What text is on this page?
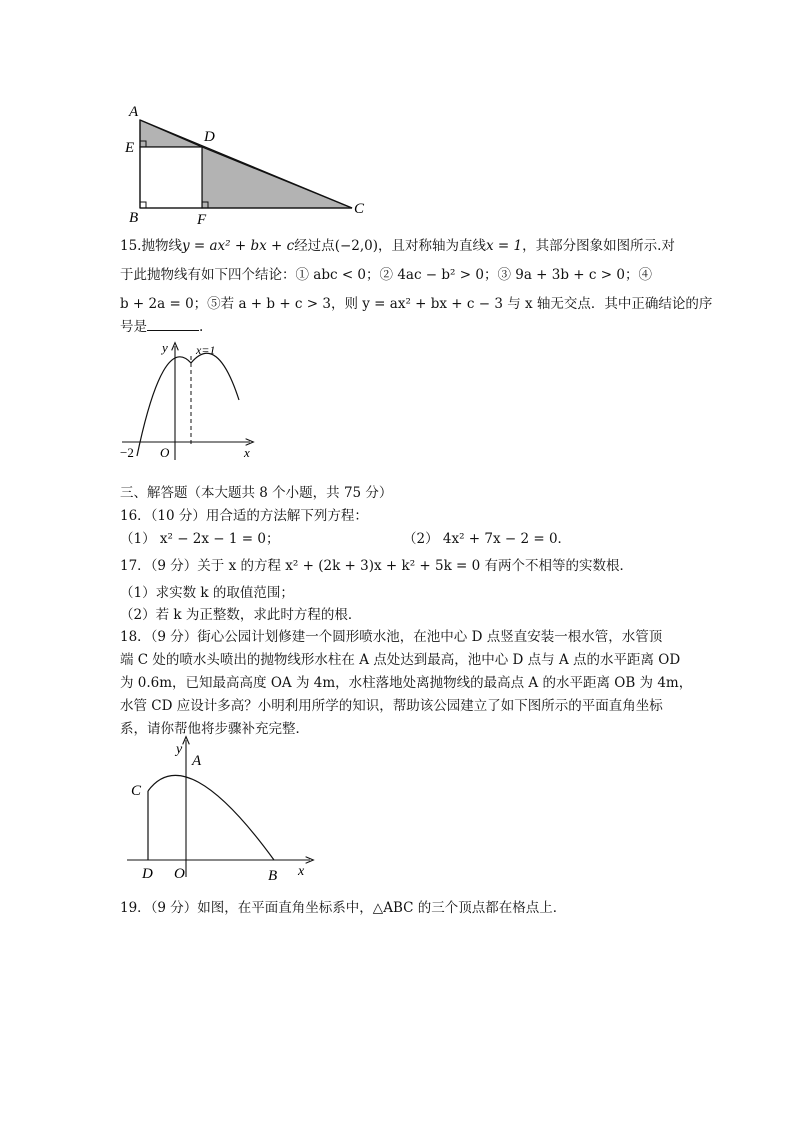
A
E
D
B	F
C
15.抛物线y = ax² + bx + c经过点(−2,0)，且对称轴为直线x = 1，其部分图象如图所示.对
于此抛物线有如下四个结论：① abc < 0；② 4ac − b² > 0；③ 9a + 3b + c > 0；④
b + 2a = 0；⑤若 a + b + c > 3，则 y = ax² + bx + c − 3 与 x 轴无交点．其中正确结论的序
号是	.
y x=1
x
−2 O
三、解答题（本大题共 8 个小题，共 75 分）
16．（10 分）用合适的方法解下列方程：
（1） x² − 2x − 1 = 0；	（2） 4x² + 7x − 2 = 0．
17．（9 分）关于 x 的方程 x² + (2k + 3)x + k² + 5k = 0 有两个不相等的实数根．
（1）求实数 k 的取值范围；
（2）若 k 为正整数，求此时方程的根．
18．（9 分）街心公园计划修建一个圆形喷水池，在池中心 D 点竖直安装一根水管，水管顶
端 C 处的喷水头喷出的抛物线形水柱在 A 点处达到最高，池中心 D 点与 A 点的水平距离 OD
为 0.6m，已知最高高度 OA 为 4m，水柱落地处离抛物线的最高点 A 的水平距离 OB 为 4m，
水管 CD 应设计多高？小明利用所学的知识，帮助该公园建立了如下图所示的平面直角坐标
系，请你帮他将步骤补充完整．
y
A
C
D O	B x
19．（9 分）如图，在平面直角坐标系中，△ABC 的三个顶点都在格点上．
